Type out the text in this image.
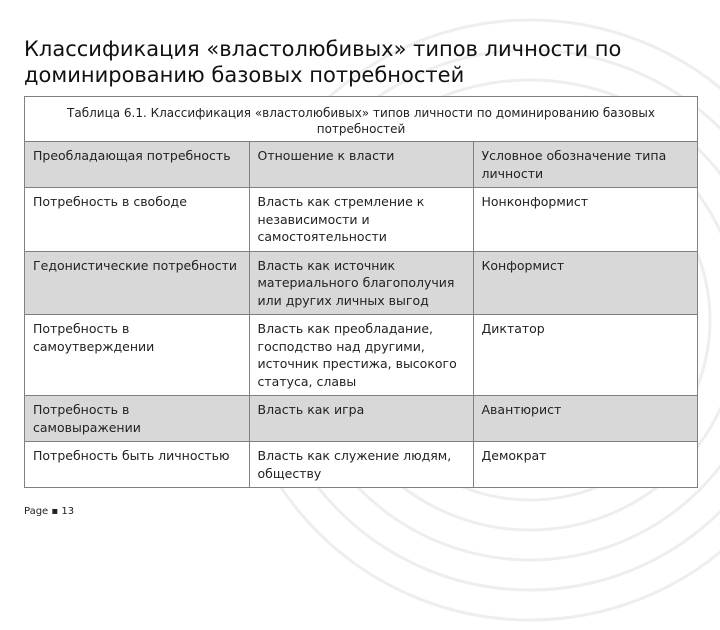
Классификация «властолюбивых» типов личности по доминированию базовых потребностей
Таблица 6.1. Классификация «властолюбивых» типов личности по доминированию базовых потребностей
Преобладающая потребность	Отношение к власти	Условное обозначение типа личности
Потребность в свободе	Власть как стремление к независимости и самостоятельности	Нонконформист
Гедонистические потребности	Власть как источник материального благополучия или других личных выгод	Конформист
Потребность в самоутверждении	Власть как преобладание, господство над другими, источник престижа, высокого статуса, славы	Диктатор
Потребность в самовыражении	Власть как игра	Авантюрист
Потребность быть личностью	Власть как служение людям, обществу	Демократ
Page ▪ 13
